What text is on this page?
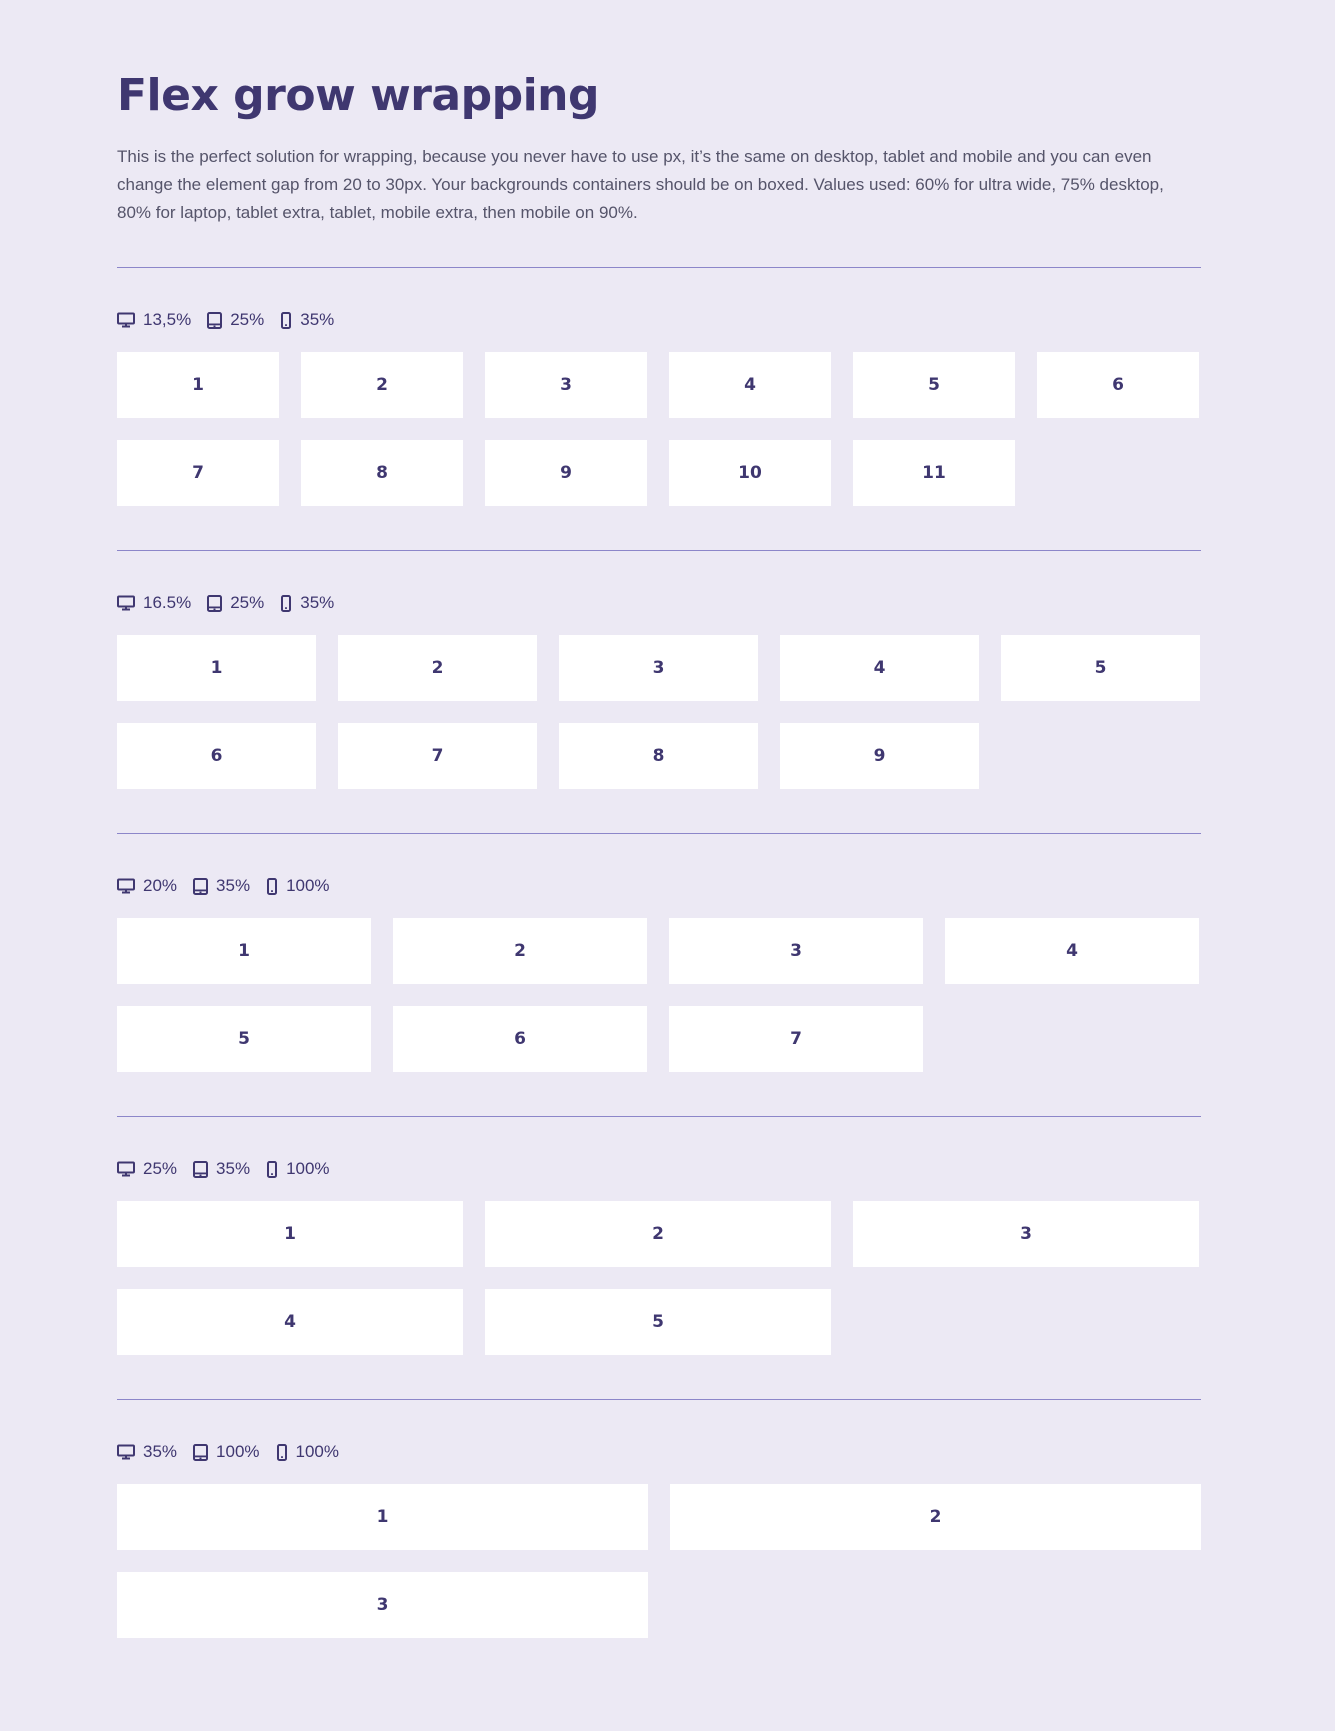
Flex grow wrapping

This is the perfect solution for wrapping, because you never have to use px, it’s the same on desktop, tablet and mobile and you can even change the element gap from 20 to 30px. Your backgrounds containers should be on boxed. Values used: 60% for ultra wide, 75% desktop, 80% for laptop, tablet extra, tablet, mobile extra, then mobile on 90%.

13,5% 25% 35%
1	2	3	4	5	6
7	8	9	10	11
16.5% 25% 35%
1	2	3	4	5
6	7	8	9
20% 35% 100%
1	2	3	4
5	6	7
25% 35% 100%
1	2	3
4	5
35% 100% 100%
1	2
3
